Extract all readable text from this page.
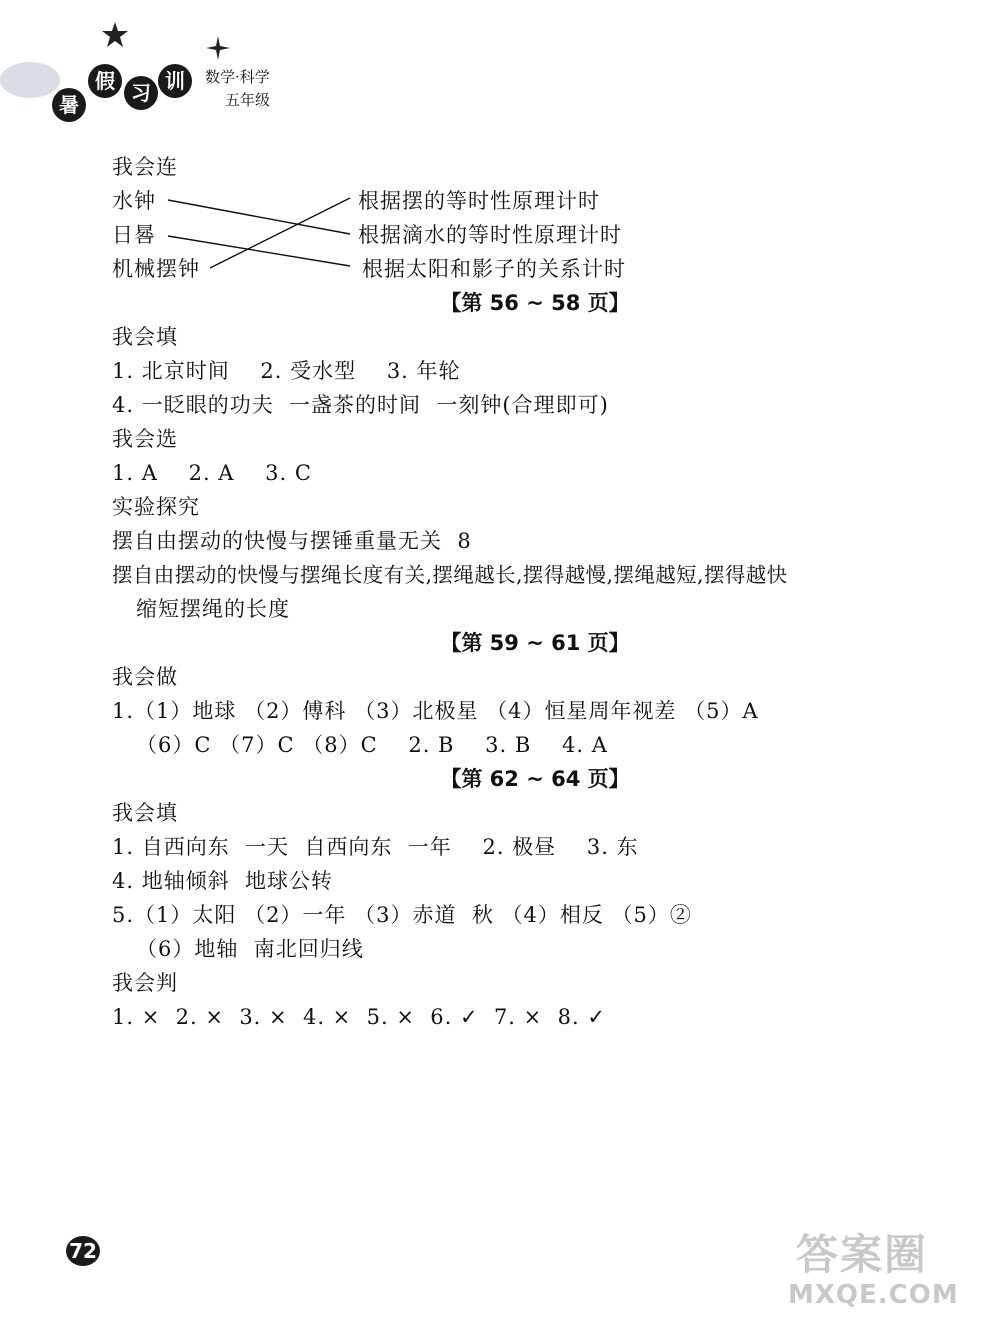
暑
假 习 训	数学·科学
五年级
我会连
水钟
日晷
机械摆钟
根据摆的等时性原理计时
根据滴水的等时性原理计时
根据太阳和影子的关系计时
【第 56 ~ 58 页】
我会填
1. 北京时间    2. 受水型    3. 年轮
4. 一眨眼的功夫  一盏茶的时间  一刻钟(合理即可)
我会选
1. A    2. A    3. C
实验探究
摆自由摆动的快慢与摆锤重量无关  8
摆自由摆动的快慢与摆绳长度有关,摆绳越长,摆得越慢,摆绳越短,摆得越快
缩短摆绳的长度
【第 59 ~ 61 页】
我会做
1.（1）地球 （2）傅科 （3）北极星 （4）恒星周年视差 （5）A
（6）C （7）C （8）C    2. B    3. B    4. A
【第 62 ~ 64 页】
我会填
1. 自西向东  一天  自西向东  一年    2. 极昼    3. 东
4. 地轴倾斜  地球公转
5.（1）太阳 （2）一年 （3）赤道  秋 （4）相反 （5）②
（6）地轴  南北回归线
我会判
1. ×  2. ×  3. ×  4. ×  5. ×  6. ✓  7. ×  8. ✓
72	答案圈
MXQE.COM
